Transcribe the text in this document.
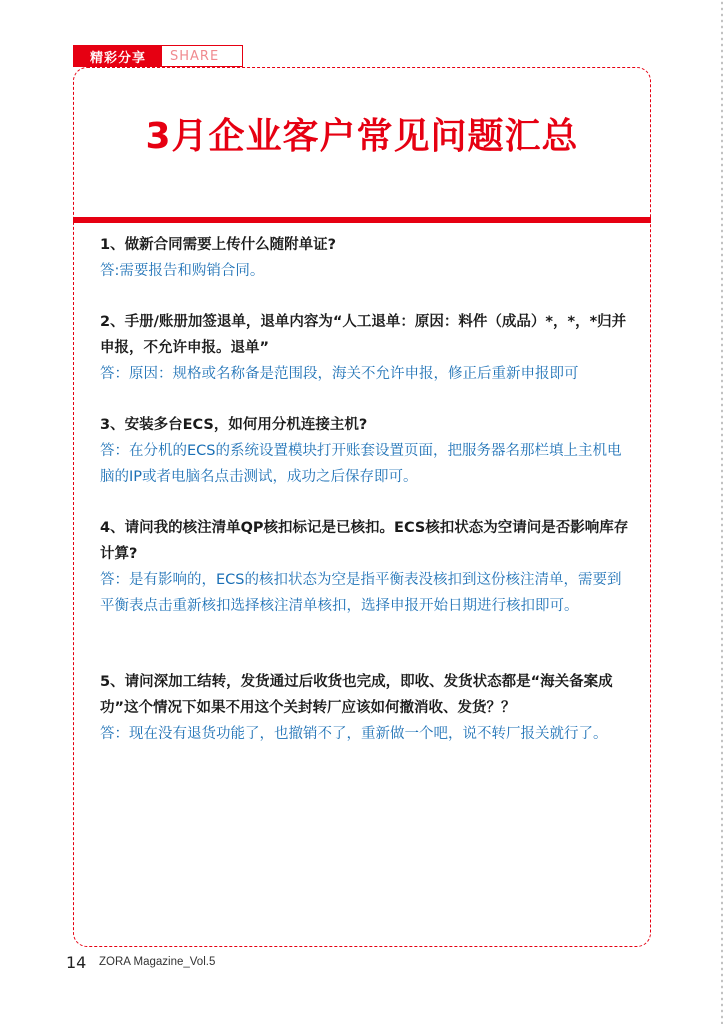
精彩分享	SHARE
3月企业客户常见问题汇总

1、做新合同需要上传什么随附单证?

答:需要报告和购销合同。

2、手册/账册加签退单，退单内容为“人工退单：原因：料件（成品）*，*，*归并申报，不允许申报。退单”

答：原因：规格或名称备是范围段，海关不允许申报，修正后重新申报即可

3、安装多台ECS，如何用分机连接主机?

答：在分机的ECS的系统设置模块打开账套设置页面，把服务器名那栏填上主机电脑的IP或者电脑名点击测试，成功之后保存即可。

4、请问我的核注清单QP核扣标记是已核扣。ECS核扣状态为空请问是否影响库存计算?

答：是有影响的，ECS的核扣状态为空是指平衡表没核扣到这份核注清单，需要到平衡表点击重新核扣选择核注清单核扣，选择申报开始日期进行核扣即可。

5、请问深加工结转，发货通过后收货也完成，即收、发货状态都是“海关备案成功”这个情况下如果不用这个关封转厂应该如何撤消收、发货？？

答：现在没有退货功能了，也撤销不了，重新做一个吧，说不转厂报关就行了。

14 ZORA Magazine_Vol.5
